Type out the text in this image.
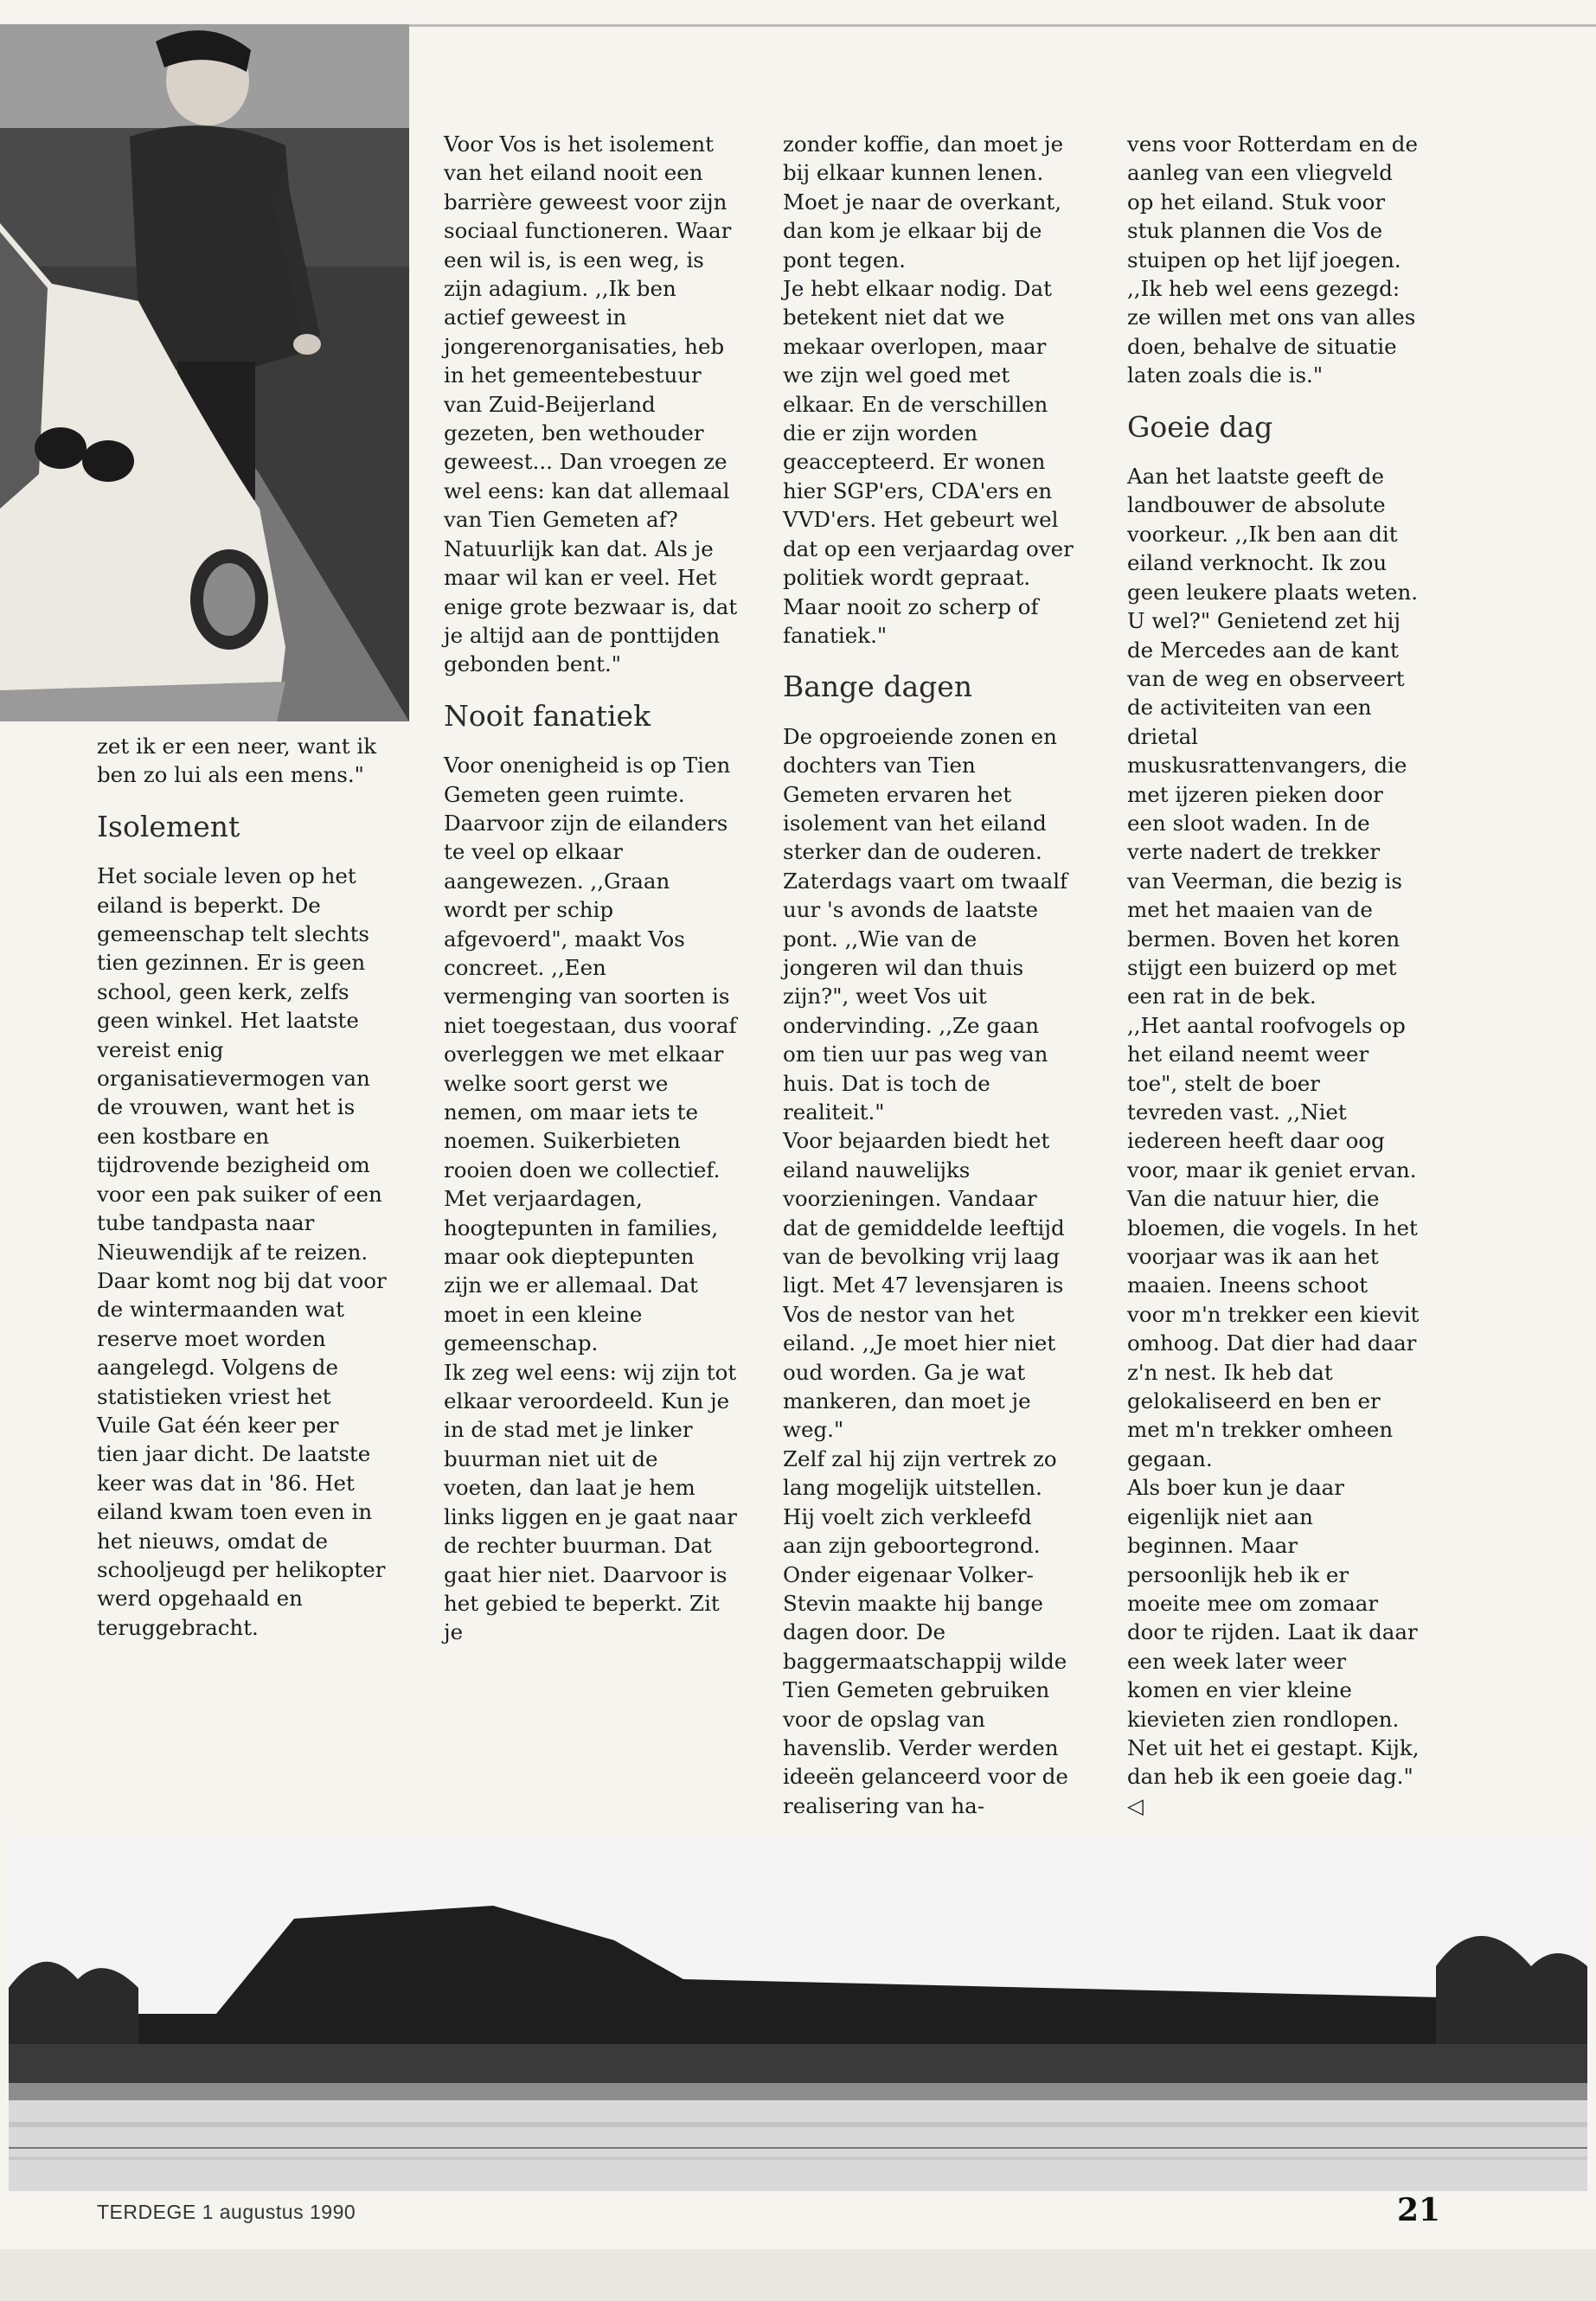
zet ik er een neer, want ik ben zo lui als een mens."

Isolement

Het sociale leven op het eiland is beperkt. De gemeenschap telt slechts tien gezinnen. Er is geen school, geen kerk, zelfs geen winkel. Het laatste vereist enig organisatievermogen van de vrouwen, want het is een kostbare en tijdrovende bezigheid om voor een pak suiker of een tube tandpasta naar Nieuwendijk af te reizen.

Daar komt nog bij dat voor de wintermaanden wat reserve moet worden aangelegd. Volgens de statistieken vriest het Vuile Gat één keer per tien jaar dicht. De laatste keer was dat in '86. Het eiland kwam toen even in het nieuws, omdat de schooljeugd per helikopter werd opgehaald en teruggebracht.

Voor Vos is het isolement van het eiland nooit een barrière geweest voor zijn sociaal functioneren. Waar een wil is, is een weg, is zijn adagium. ,,Ik ben actief geweest in jongerenorganisaties, heb in het gemeentebestuur van Zuid-Beijerland gezeten, ben wethouder geweest... Dan vroegen ze wel eens: kan dat allemaal van Tien Gemeten af? Natuurlijk kan dat. Als je maar wil kan er veel. Het enige grote bezwaar is, dat je altijd aan de ponttijden gebonden bent."

Nooit fanatiek

Voor onenigheid is op Tien Gemeten geen ruimte. Daarvoor zijn de eilanders te veel op elkaar aangewezen. ,,Graan wordt per schip afgevoerd", maakt Vos concreet. ,,Een vermenging van soorten is niet toegestaan, dus vooraf overleggen we met elkaar welke soort gerst we nemen, om maar iets te noemen. Suikerbieten rooien doen we collectief. Met verjaardagen, hoogtepunten in families, maar ook dieptepunten zijn we er allemaal. Dat moet in een kleine gemeenschap.

Ik zeg wel eens: wij zijn tot elkaar veroordeeld. Kun je in de stad met je linker buurman niet uit de voeten, dan laat je hem links liggen en je gaat naar de rechter buurman. Dat gaat hier niet. Daarvoor is het gebied te beperkt. Zit je

zonder koffie, dan moet je bij elkaar kunnen lenen. Moet je naar de overkant, dan kom je elkaar bij de pont tegen.

Je hebt elkaar nodig. Dat betekent niet dat we mekaar overlopen, maar we zijn wel goed met elkaar. En de verschillen die er zijn worden geaccepteerd. Er wonen hier SGP'ers, CDA'ers en VVD'ers. Het gebeurt wel dat op een verjaardag over politiek wordt gepraat. Maar nooit zo scherp of fanatiek."

Bange dagen

De opgroeiende zonen en dochters van Tien Gemeten ervaren het isolement van het eiland sterker dan de ouderen. Zaterdags vaart om twaalf uur 's avonds de laatste pont. ,,Wie van de jongeren wil dan thuis zijn?", weet Vos uit ondervinding. ,,Ze gaan om tien uur pas weg van huis. Dat is toch de realiteit."

Voor bejaarden biedt het eiland nauwelijks voorzieningen. Vandaar dat de gemiddelde leeftijd van de bevolking vrij laag ligt. Met 47 levensjaren is Vos de nestor van het eiland. ,,Je moet hier niet oud worden. Ga je wat mankeren, dan moet je weg."

Zelf zal hij zijn vertrek zo lang mogelijk uitstellen. Hij voelt zich verkleefd aan zijn geboortegrond. Onder eigenaar Volker-Stevin maakte hij bange dagen door. De baggermaatschappij wilde Tien Gemeten gebruiken voor de opslag van havenslib. Verder werden ideeën gelanceerd voor de realisering van ha-

vens voor Rotterdam en de aanleg van een vliegveld op het eiland. Stuk voor stuk plannen die Vos de stuipen op het lijf joegen. ,,Ik heb wel eens gezegd: ze willen met ons van alles doen, behalve de situatie laten zoals die is."

Goeie dag

Aan het laatste geeft de landbouwer de absolute voorkeur. ,,Ik ben aan dit eiland verknocht. Ik zou geen leukere plaats weten. U wel?" Genietend zet hij de Mercedes aan de kant van de weg en observeert de activiteiten van een drietal muskusrattenvangers, die met ijzeren pieken door een sloot waden. In de verte nadert de trekker van Veerman, die bezig is met het maaien van de bermen. Boven het koren stijgt een buizerd op met een rat in de bek.

,,Het aantal roofvogels op het eiland neemt weer toe", stelt de boer tevreden vast. ,,Niet iedereen heeft daar oog voor, maar ik geniet ervan. Van die natuur hier, die bloemen, die vogels. In het voorjaar was ik aan het maaien. Ineens schoot voor m'n trekker een kievit omhoog. Dat dier had daar z'n nest. Ik heb dat gelokaliseerd en ben er met m'n trekker omheen gegaan.

Als boer kun je daar eigenlijk niet aan beginnen. Maar persoonlijk heb ik er moeite mee om zomaar door te rijden. Laat ik daar een week later weer komen en vier kleine kievieten zien rondlopen. Net uit het ei gestapt. Kijk, dan heb ik een goeie dag." ◁

TERDEGE 1 augustus 1990	21
